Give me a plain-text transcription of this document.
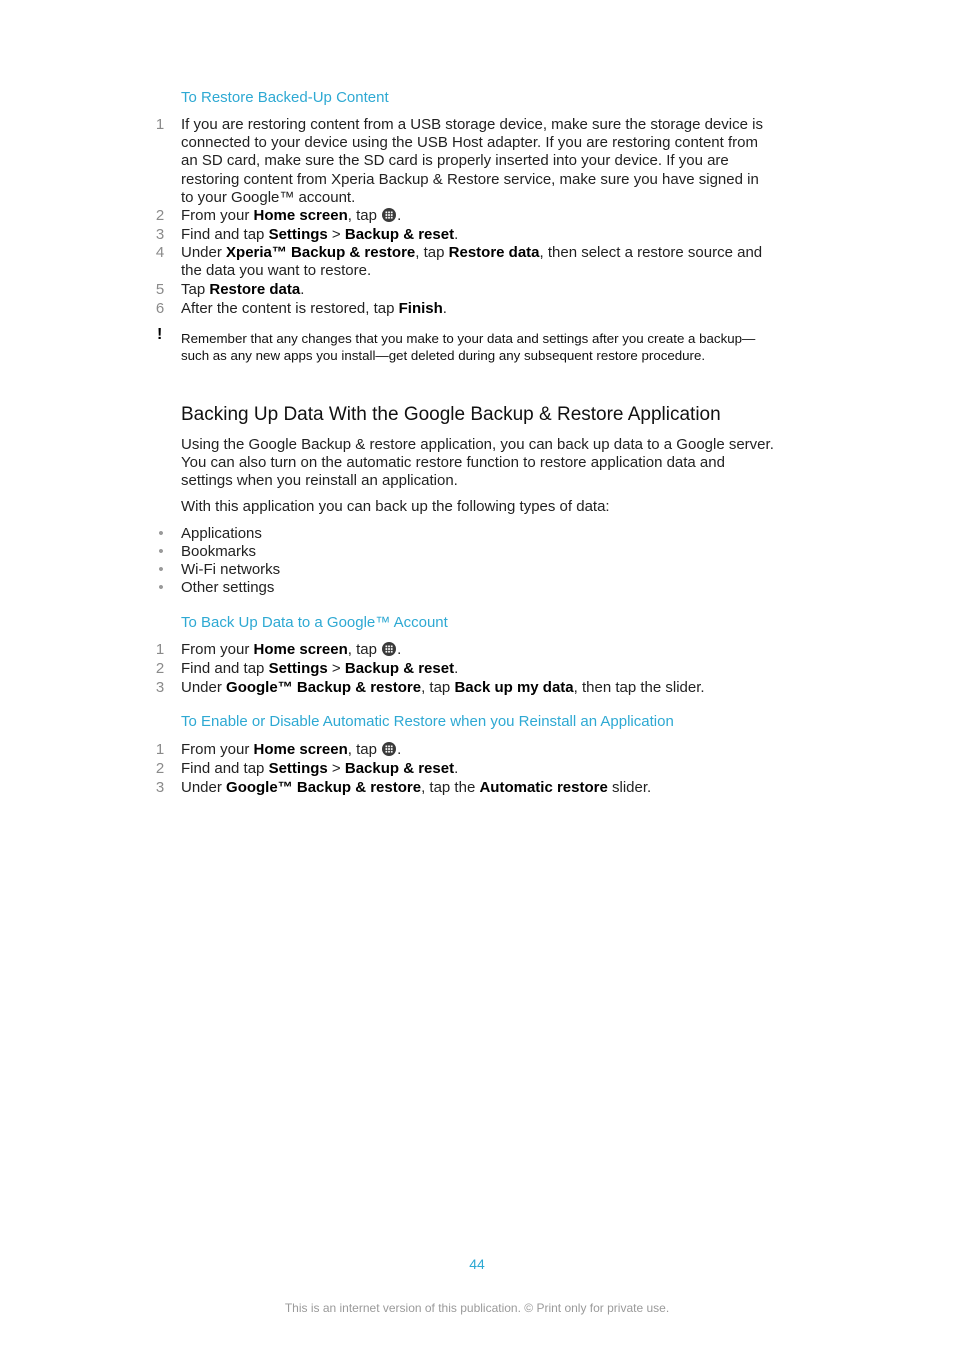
To Restore Backed-Up Content
1 If you are restoring content from a USB storage device, make sure the storage device is connected to your device using the USB Host adapter. If you are restoring content from an SD card, make sure the SD card is properly inserted into your device. If you are restoring content from Xperia Backup & Restore service, make sure you have signed in to your Google™ account.
2 From your Home screen, tap .
3 Find and tap Settings > Backup & reset.
4 Under Xperia™ Backup & restore, tap Restore data, then select a restore source and the data you want to restore.
5 Tap Restore data.
6 After the content is restored, tap Finish.
! Remember that any changes that you make to your data and settings after you create a backup—such as any new apps you install—get deleted during any subsequent restore procedure.
Backing Up Data With the Google Backup & Restore Application
Using the Google Backup & restore application, you can back up data to a Google server. You can also turn on the automatic restore function to restore application data and settings when you reinstall an application.
With this application you can back up the following types of data:
• Applications
• Bookmarks
• Wi-Fi networks
• Other settings
To Back Up Data to a Google™ Account
1 From your Home screen, tap .
2 Find and tap Settings > Backup & reset.
3 Under Google™ Backup & restore, tap Back up my data, then tap the slider.
To Enable or Disable Automatic Restore when you Reinstall an Application
1 From your Home screen, tap .
2 Find and tap Settings > Backup & reset.
3 Under Google™ Backup & restore, tap the Automatic restore slider.
44
This is an internet version of this publication. © Print only for private use.
